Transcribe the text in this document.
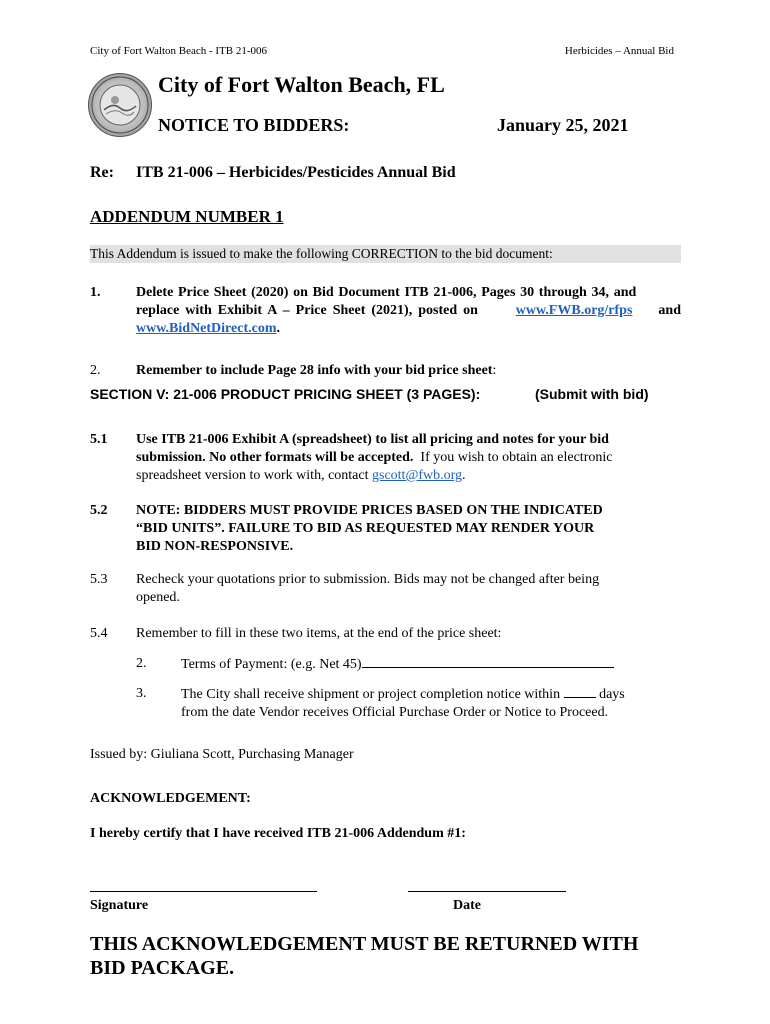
City of Fort Walton Beach - ITB 21-006	Herbicides – Annual Bid
City of Fort Walton Beach, FL
NOTICE TO BIDDERS:	January 25, 2021
Re: ITB 21-006 – Herbicides/Pesticides Annual Bid
ADDENDUM NUMBER 1
This Addendum is issued to make the following CORRECTION to the bid document:
1.	Delete Price Sheet (2020) on Bid Document ITB 21-006, Pages 30 through 34, and
replace with Exhibit A – Price Sheet (2021), posted on	www.FWB.org/rfps and
www.BidNetDirect.com.
2.	Remember to include Page 28 info with your bid price sheet:
SECTION V: 21-006 PRODUCT PRICING SHEET (3 PAGES):	(Submit with bid)
5.1 Use ITB 21-006 Exhibit A (spreadsheet) to list all pricing and notes for your bid
submission. No other formats will be accepted. If you wish to obtain an electronic
spreadsheet version to work with, contact gscott@fwb.org.
5.2 NOTE: BIDDERS MUST PROVIDE PRICES BASED ON THE INDICATED
“BID UNITS”. FAILURE TO BID AS REQUESTED MAY RENDER YOUR
BID NON-RESPONSIVE.
5.3 Recheck your quotations prior to submission. Bids may not be changed after being
opened.
5.4 Remember to fill in these two items, at the end of the price sheet:
2. Terms of Payment: (e.g. Net 45)
3. The City shall receive shipment or project completion notice within	days
from the date Vendor receives Official Purchase Order or Notice to Proceed.
Issued by: Giuliana Scott, Purchasing Manager
ACKNOWLEDGEMENT:
I hereby certify that I have received ITB 21-006 Addendum #1:
Signature	Date
THIS ACKNOWLEDGEMENT MUST BE RETURNED WITH
BID PACKAGE.
